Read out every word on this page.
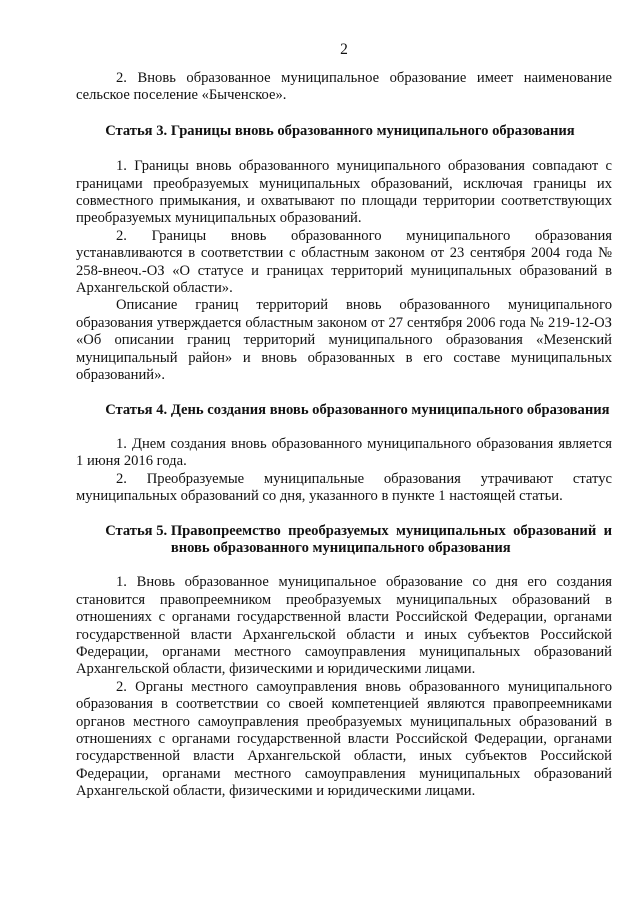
2

2. Вновь образованное муниципальное образование имеет наименование сельское поселение «Быченское».

Статья 3. Границы вновь образованного муниципального образования

1. Границы вновь образованного муниципального образования совпадают с границами преобразуемых муниципальных образований, исключая границы их совместного примыкания, и охватывают по площади территории соответствующих преобразуемых муниципальных образований.

2. Границы вновь образованного муниципального образования устанавливаются в соответствии с областным законом от 23 сентября 2004 года № 258-внеоч.-ОЗ «О статусе и границах территорий муниципальных образований в Архангельской области».

Описание границ территорий вновь образованного муниципального образования утверждается областным законом от 27 сентября 2006 года № 219-12-ОЗ «Об описании границ территорий муниципального образования «Мезенский муниципальный район» и вновь образованных в его составе муниципальных образований».

Статья 4. День создания вновь образованного муниципального образования

1. Днем создания вновь образованного муниципального образования является 1 июня 2016 года.

2. Преобразуемые муниципальные образования утрачивают статус муниципальных образований со дня, указанного в пункте 1 настоящей статьи.

Статья 5. Правопреемство преобразуемых муниципальных образований и вновь образованного муниципального образования

1. Вновь образованное муниципальное образование со дня его создания становится правопреемником преобразуемых муниципальных образований в отношениях с органами государственной власти Российской Федерации, органами государственной власти Архангельской области и иных субъектов Российской Федерации, органами местного самоуправления муниципальных образований Архангельской области, физическими и юридическими лицами.

2. Органы местного самоуправления вновь образованного муниципального образования в соответствии со своей компетенцией являются правопреемниками органов местного самоуправления преобразуемых муниципальных образований в отношениях с органами государственной власти Российской Федерации, органами государственной власти Архангельской области, иных субъектов Российской Федерации, органами местного самоуправления муниципальных образований Архангельской области, физическими и юридическими лицами.
